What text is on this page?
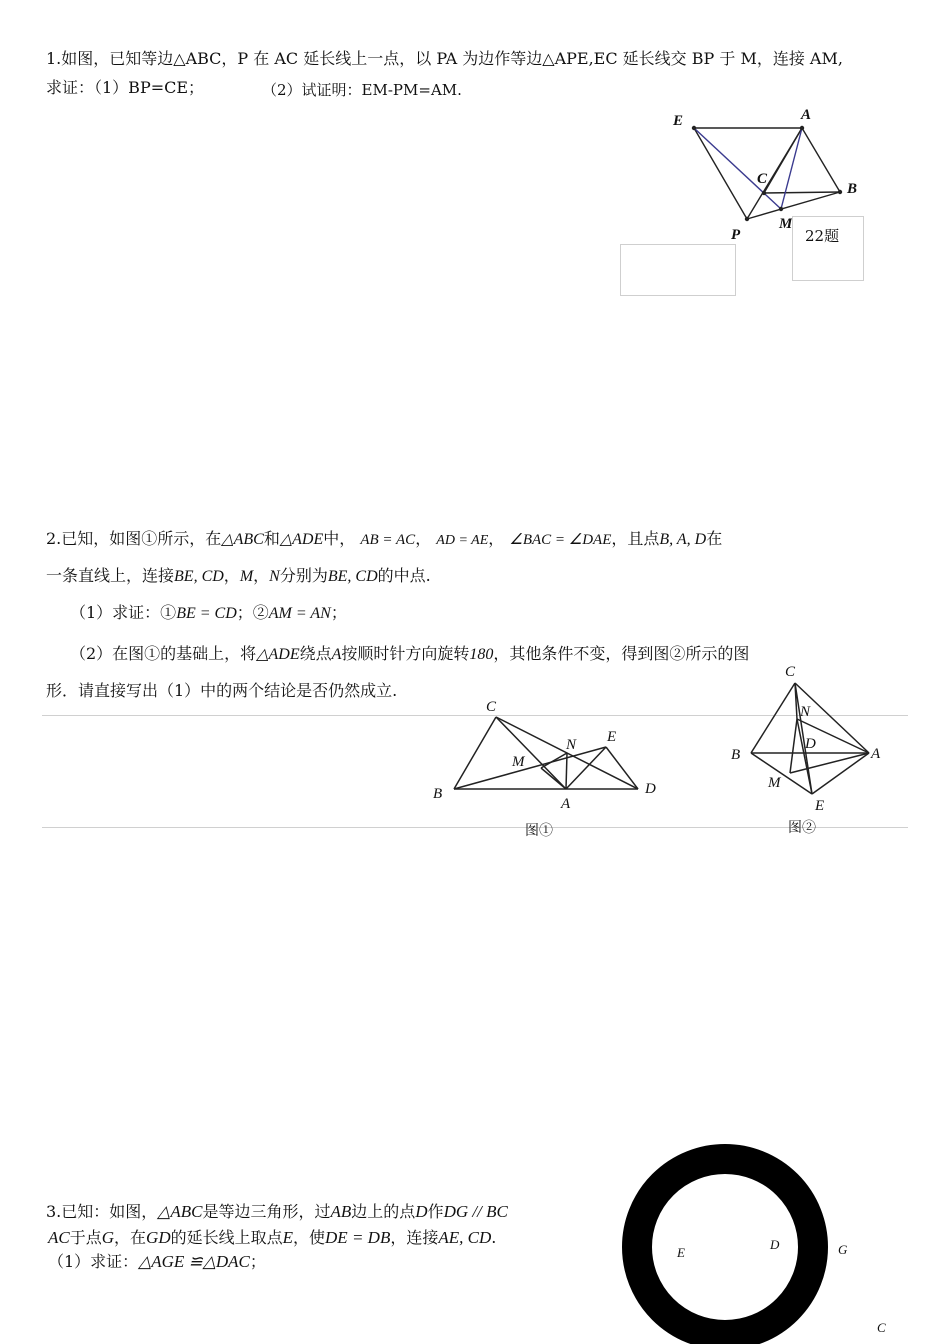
1.如图，已知等边△ABC，P 在 AC 延长线上一点，以 PA 为边作等边△APE,EC 延长线交 BP 于 M，连接 AM,
求证：（1）BP=CE；	（2）试证明：EM-PM=AM.
E	A
C
B
M
P	22题
2.已知，如图①所示，在△ABC和△ADE中， AB = AC， AD = AE， ∠BAC = ∠DAE，且点B, A, D在
一条直线上，连接BE, CD，M，N分别为BE, CD的中点.
（1）求证：①BE = CD；②AM = AN；
（2）在图①的基础上，将△ADE绕点A按顺时针方向旋转180，其他条件不变，得到图②所示的图
形．请直接写出（1）中的两个结论是否仍然成立.
C
N E
M
B
A
D
图①
C
N
D
B	A
M
E
图②
3.已知：如图，△ABC是等边三角形，过AB边上的点D作DG // BC
AC于点G，在GD的延长线上取点E，使DE = DB，连接AE, CD.
（1）求证：△AGE ≌△DAC；	E
D	G
C
